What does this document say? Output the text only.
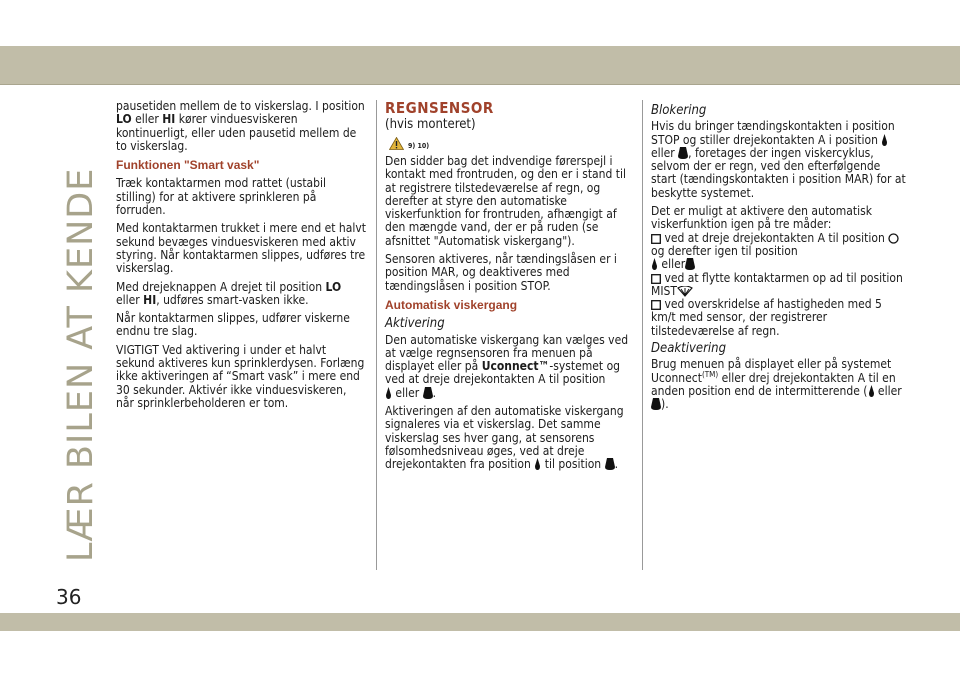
LÆR BILEN AT KENDE
36

pausetiden mellem de to viskerslag. I position LO eller HI kører vinduesviskeren kontinuerligt, eller uden pausetid mellem de to viskerslag.

Funktionen "Smart vask"

Træk kontaktarmen mod rattet (ustabil stilling) for at aktivere sprinkleren på forruden.

Med kontaktarmen trukket i mere end et halvt sekund bevæges vinduesviskeren med aktiv styring. Når kontaktarmen slippes, udføres tre viskerslag.

Med drejeknappen A drejet til position LO eller HI, udføres smart-vasken ikke.

Når kontaktarmen slippes, udfører viskerne endnu tre slag.

VIGTIGT Ved aktivering i under et halvt sekund aktiveres kun sprinklerdysen. Forlæng ikke aktiveringen af “Smart vask” i mere end 30 sekunder. Aktivér ikke vinduesviskeren, når sprinklerbeholderen er tom.

REGNSENSOR

(hvis monteret)

9) 10)

Den sidder bag det indvendige førerspejl i kontakt med frontruden, og den er i stand til at registrere tilstedeværelse af regn, og derefter at styre den automatiske viskerfunktion for frontruden, afhængigt af den mængde vand, der er på ruden (se afsnittet "Automatisk viskergang").

Sensoren aktiveres, når tændingslåsen er i position MAR, og deaktiveres med tændingslåsen i position STOP.

Automatisk viskergang
Aktivering

Den automatiske viskergang kan vælges ved at vælge regnsensoren fra menuen på displayet eller på Uconnect™-systemet og ved at dreje drejekontakten A til position
eller .

Aktiveringen af den automatiske viskergang signaleres via et viskerslag. Det samme viskerslag ses hver gang, at sensorens følsomhedsniveau øges, ved at dreje drejekontakten fra position  til position .

Blokering

Hvis du bringer tændingskontakten i position STOP og stiller drejekontakten A i position  eller , foretages der ingen viskercyklus, selvom der er regn, ved den efterfølgende start (tændingskontakten i position MAR) for at beskytte systemet.

Det er muligt at aktivere den automatisk viskerfunktion igen på tre måder:

ved at dreje drejekontakten A til position  og derefter igen til position
eller
ved at flytte kontaktarmen op ad til position MIST
ved overskridelse af hastigheden med 5 km/t med sensor, der registrerer tilstedeværelse af regn.
Deaktivering

Brug menuen på displayet eller på systemet Uconnect$^{(TM)}$ eller drej drejekontakten A til en anden position end de intermitterende ( eller ).
